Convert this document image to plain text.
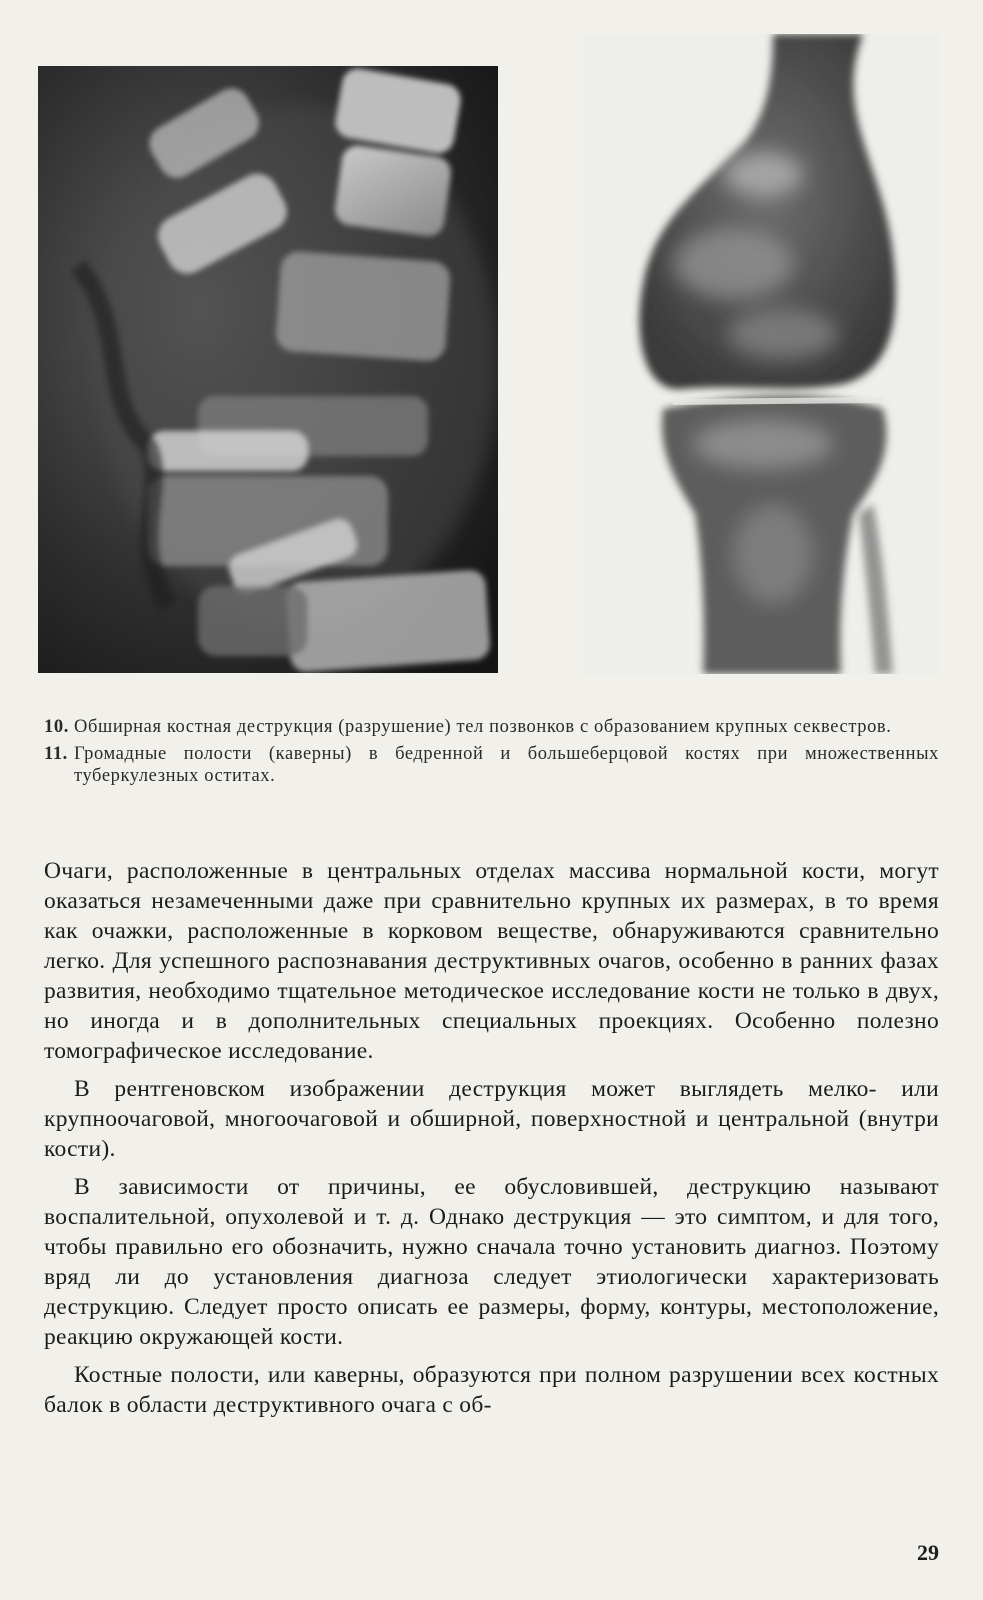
10. Обширная костная деструкция (разрушение) тел позвонков с образованием крупных секвестров.
11. Громадные полости (каверны) в бедренной и большеберцовой костях при множественных туберкулезных оститах.

Очаги, расположенные в центральных отделах массива нормальной кости, могут оказаться незамеченными даже при сравнительно крупных их размерах, в то время как очажки, расположенные в корковом веществе, обнаруживаются сравнительно легко. Для успешного распознавания деструктивных очагов, особенно в ранних фазах развития, необходимо тщательное методическое исследование кости не только в двух, но иногда и в дополнительных специальных проекциях. Особенно полезно томографическое исследование.

В рентгеновском изображении деструкция может выглядеть мелко- или крупноочаговой, многоочаговой и обширной, поверхностной и центральной (внутри кости).

В зависимости от причины, ее обусловившей, деструкцию называют воспалительной, опухолевой и т. д. Однако деструкция — это симптом, и для того, чтобы правильно его обозначить, нужно сначала точно установить диагноз. Поэтому вряд ли до установления диагноза следует этиологически характеризовать деструкцию. Следует просто описать ее размеры, форму, контуры, местоположение, реакцию окружающей кости.

Костные полости, или каверны, образуются при полном разрушении всех костных балок в области деструктивного очага с об-

29
